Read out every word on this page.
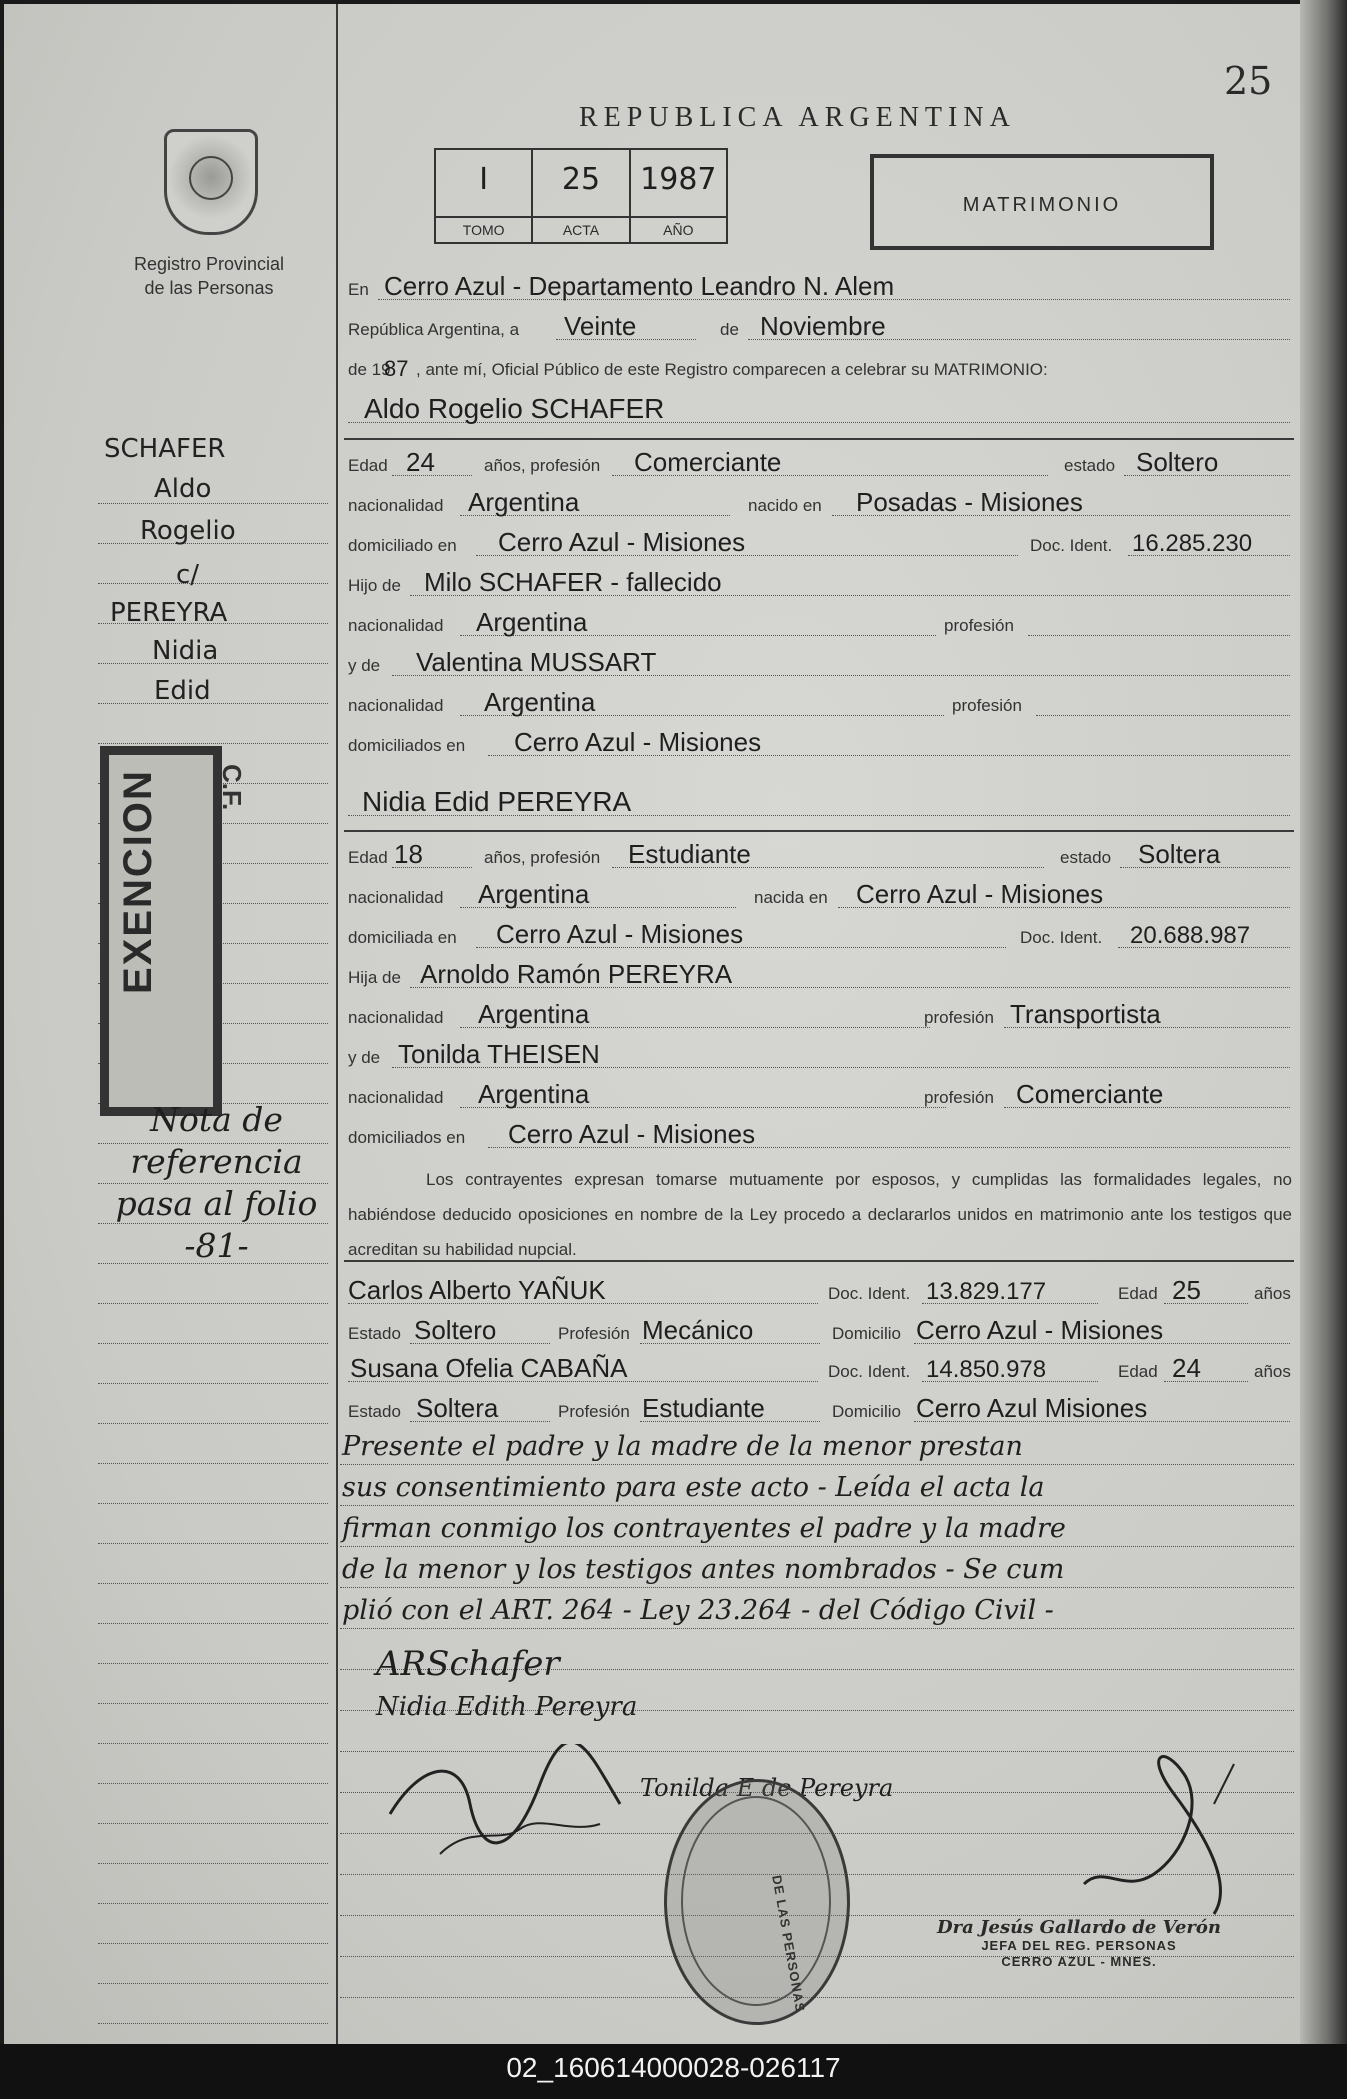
Registro Provincial
de las Personas
SCHAFER
Aldo
Rogelio
c/
PEREYRA
Nidia
Edid
EXENCION C.F.
Nota de
referencia
pasa al folio
-81-
25
REPUBLICA ARGENTINA
I
TOMO
25
ACTA
1987
AÑO
MATRIMONIO
En Cerro Azul - Departamento Leandro N. Alem
República Argentina, a Veinte	de Noviembre
de 19
87 , ante mí, Oficial Público de este Registro comparecen a celebrar su MATRIMONIO:
Aldo Rogelio SCHAFER
Edad 24	años, profesión Comerciante	estado Soltero
nacionalidad Argentina	nacido en Posadas - Misiones
domiciliado en Cerro Azul - Misiones	Doc. Ident. 16.285.230
Hijo de Milo SCHAFER - fallecido
nacionalidad Argentina	profesión
y de Valentina MUSSART
nacionalidad Argentina	profesión
domiciliados en Cerro Azul - Misiones
Nidia Edid PEREYRA
Edad 18	años, profesión Estudiante	estado Soltera
nacionalidad Argentina	nacida en Cerro Azul - Misiones
domiciliada en Cerro Azul - Misiones	Doc. Ident. 20.688.987
Hija de Arnoldo Ramón PEREYRA
nacionalidad Argentina	profesión Transportista
y de Tonilda THEISEN
nacionalidad Argentina	profesión Comerciante
domiciliados en Cerro Azul - Misiones
Los contrayentes expresan tomarse mutuamente por esposos, y cumplidas las formalidades legales, no habiéndose deducido oposiciones en nombre de la Ley procedo a declararlos unidos en matrimonio ante los testigos que acreditan su habilidad nupcial.
Carlos Alberto YAÑUK	Doc. Ident. 13.829.177	Edad 25	años
Estado Soltero	Profesión Mecánico	Domicilio Cerro Azul - Misiones
Susana Ofelia CABAÑA	Doc. Ident. 14.850.978	Edad 24	años
Estado Soltera	Profesión Estudiante	Domicilio Cerro Azul Misiones
Presente el padre y la madre de la menor prestan
sus consentimiento para este acto - Leída el acta la
firman conmigo los contrayentes el padre y la madre
de la menor y los testigos antes nombrados - Se cum
plió con el ART. 264 - Ley 23.264 - del Código Civil -
ARSchafer
Nidia Edith Pereyra
Tonilda E de Pereyra
DE LAS PERSONAS	Dra Jesús Gallardo de Verón
JEFA DEL REG. PERSONAS
CERRO AZUL - MNES.
02_160614000028-026117
